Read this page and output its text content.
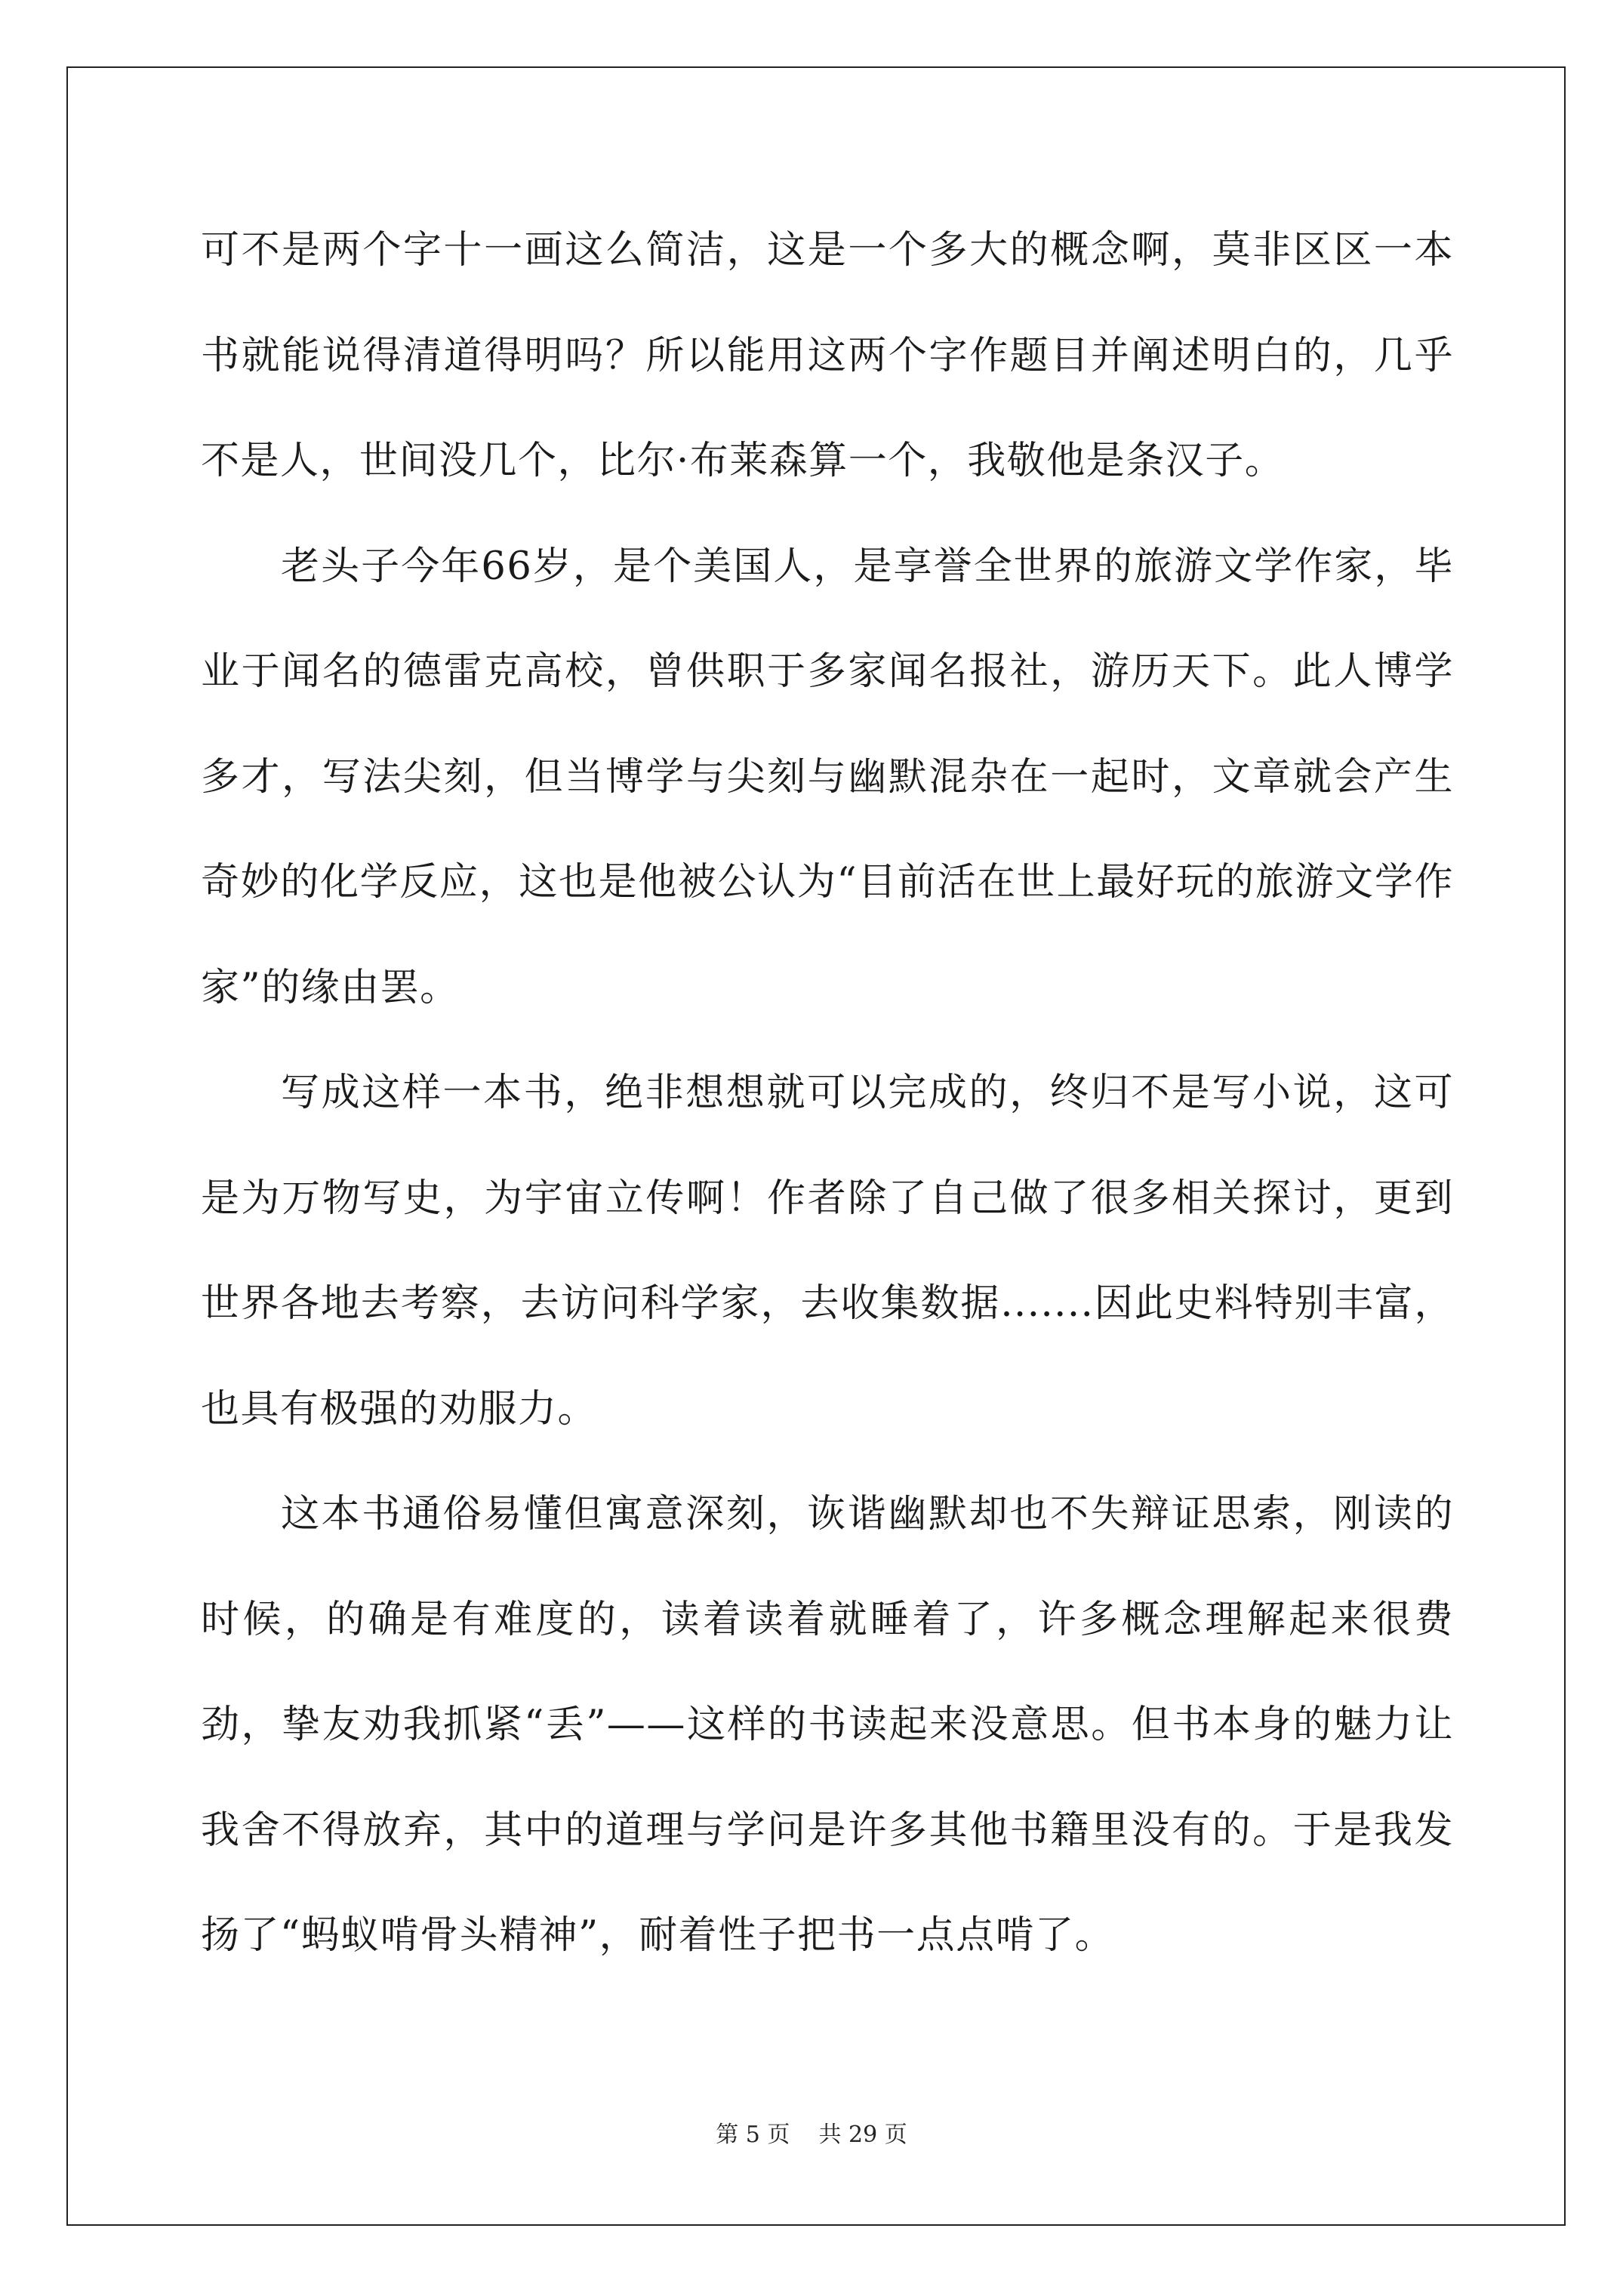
可不是两个字十一画这么简洁，这是一个多大的概念啊，莫非区区一本书就能说得清道得明吗？所以能用这两个字作题目并阐述明白的，几乎不是人，世间没几个，比尔·布莱森算一个，我敬他是条汉子。

老头子今年66岁，是个美国人，是享誉全世界的旅游文学作家，毕业于闻名的德雷克高校，曾供职于多家闻名报社，游历天下。此人博学多才，写法尖刻，但当博学与尖刻与幽默混杂在一起时，文章就会产生奇妙的化学反应，这也是他被公认为“目前活在世上最好玩的旅游文学作家”的缘由罢。

写成这样一本书，绝非想想就可以完成的，终归不是写小说，这可是为万物写史，为宇宙立传啊！作者除了自己做了很多相关探讨，更到世界各地去考察，去访问科学家，去收集数据.......因此史料特别丰富，也具有极强的劝服力。

这本书通俗易懂但寓意深刻，诙谐幽默却也不失辩证思索，刚读的时候，的确是有难度的，读着读着就睡着了，许多概念理解起来很费劲，挚友劝我抓紧“丢”——这样的书读起来没意思。但书本身的魅力让我舍不得放弃，其中的道理与学问是许多其他书籍里没有的。于是我发扬了“蚂蚁啃骨头精神”，耐着性子把书一点点啃了。

第 5 页    共 29 页
